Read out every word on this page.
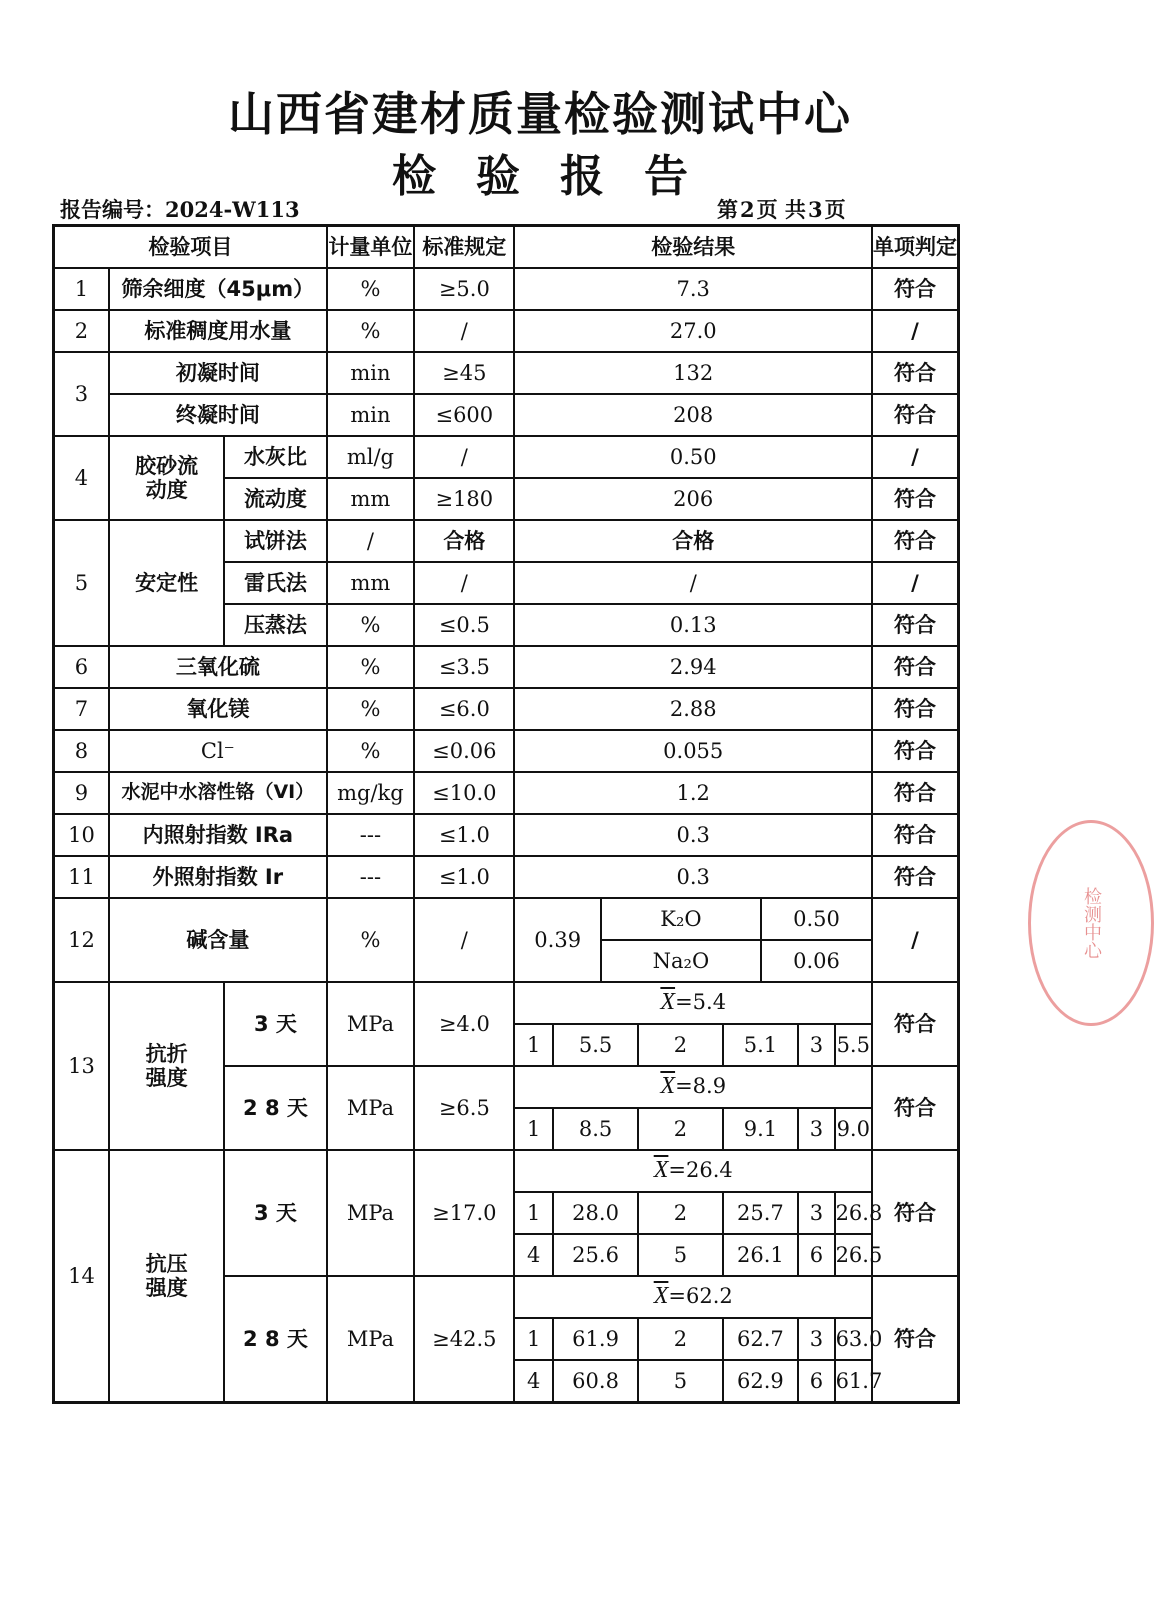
山西省建材质量检验测试中心
检验报告
报告编号：2024-W113	第2页 共3页
检验项目			计量单位	标准规定	检验结果								单项判定
1	筛余细度（45μm）		%	≥5.0	7.3								符合
2	标准稠度用水量		%	/	27.0								/
3	初凝时间		min	≥45	132								符合
	终凝时间		min	≤600	208								符合
4	胶砂流动度	水灰比	ml/g	/	0.50								/
		流动度	mm	≥180	206								符合
5	安定性	试饼法	/	合格	合格								符合
		雷氏法	mm	/	/								/
		压蒸法	%	≤0.5	0.13								符合
6	三氧化硫		%	≤3.5	2.94								符合
7	氧化镁		%	≤6.0	2.88								符合
8	Cl⁻		%	≤0.06	0.055								符合
9	水泥中水溶性铬（VI）		mg/kg	≤10.0	1.2								符合
10	内照射指数 IRa		---	≤1.0	0.3								符合
11	外照射指数 Ir		---	≤1.0	0.3								符合
12	碱含量		%	/	0.39		K₂O			0.50			/
							Na₂O			0.06			
13	抗折强度	3 天	MPa	≥4.0	$\overline{X}=5.4$								符合
					1	5.5		2	5.1		3	5.5	
		2 8 天	MPa	≥6.5	$\overline{X}=8.9$								符合
					1	8.5		2	9.1		3	9.0	
14	抗压强度	3 天	MPa	≥17.0	$\overline{X}=26.4$								符合
					1	28.0		2	25.7		3	26.8	
					4	25.6		5	26.1		6	26.5	
		2 8 天	MPa	≥42.5	$\overline{X}=62.2$								符合
					1	61.9		2	62.7		3	63.0	
					4	60.8		5	62.9		6	61.7	
检测中心
